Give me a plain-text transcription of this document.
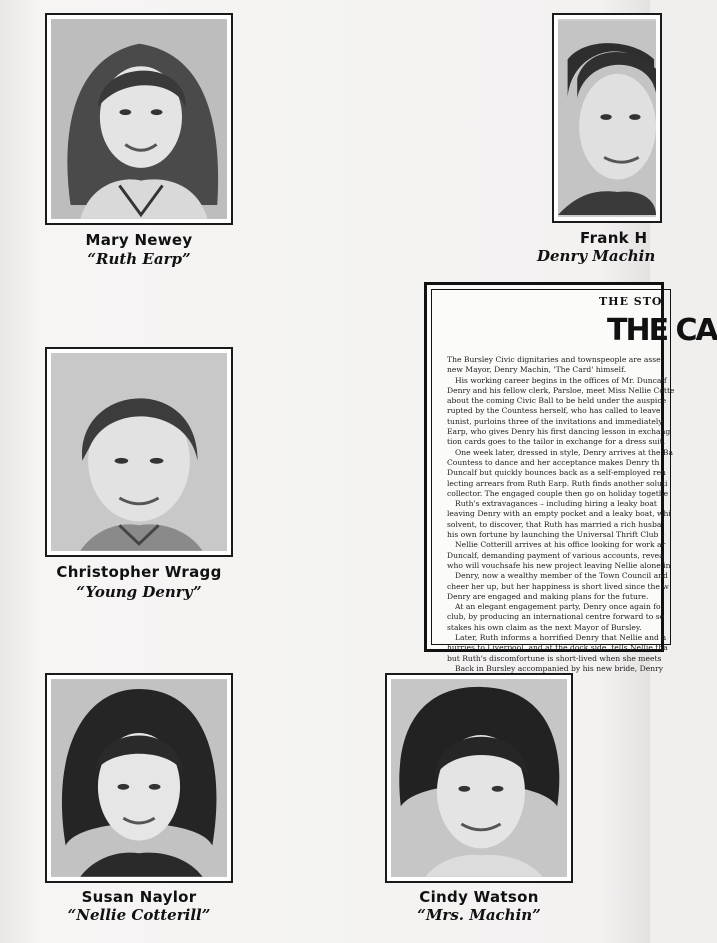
Mary Newey
“Ruth Earp”
Frank H
Denry Machin
THE STO
THE CA

The Bursley Civic dignitaries and townspeople are asse

new Mayor, Denry Machin, 'The Card' himself.

His working career begins in the offices of Mr. Duncalf

Denry and his fellow clerk, Parsloe, meet Miss Nellie Cotte

about the coming Civic Ball to be held under the auspice

rupted by the Countess herself, who has called to leave

tunist, purloins three of the invitations and immediately

Earp, who gives Denry his first dancing lesson in exchang

tion cards goes to the tailor in exchange for a dress suit.

One week later, dressed in style, Denry arrives at the Ba

Countess to dance and her acceptance makes Denry th

Duncalf but quickly bounces back as a self-employed ren

lecting arrears from Ruth Earp. Ruth finds another soluti

collector. The engaged couple then go on holiday togethe

Ruth's extravagances – including hiring a leaky boat

leaving Denry with an empty pocket and a leaky boat, whi

solvent, to discover, that Ruth has married a rich husba

his own fortune by launching the Universal Thrift Club –

Nellie Cotterill arrives at his office looking for work ar

Duncalf, demanding payment of various accounts, revea

who will vouchsafe his new project leaving Nellie alone in

Denry, now a wealthy member of the Town Council and

cheer her up, but her happiness is short lived since the w

Denry are engaged and making plans for the future.

At an elegant engagement party, Denry once again fo

club, by producing an international centre forward to se

stakes his own claim as the next Mayor of Bursley.

Later, Ruth informs a horrified Denry that Nellie and h

hurries to Liverpool, and at the dock side, tells Nellie tha

but Ruth's discomfortune is short-lived when she meets

Back in Bursley accompanied by his new bride, Denry

Christopher Wragg
“Young Denry”
Susan Naylor
“Nellie Cotterill”
Cindy Watson
“Mrs. Machin”
